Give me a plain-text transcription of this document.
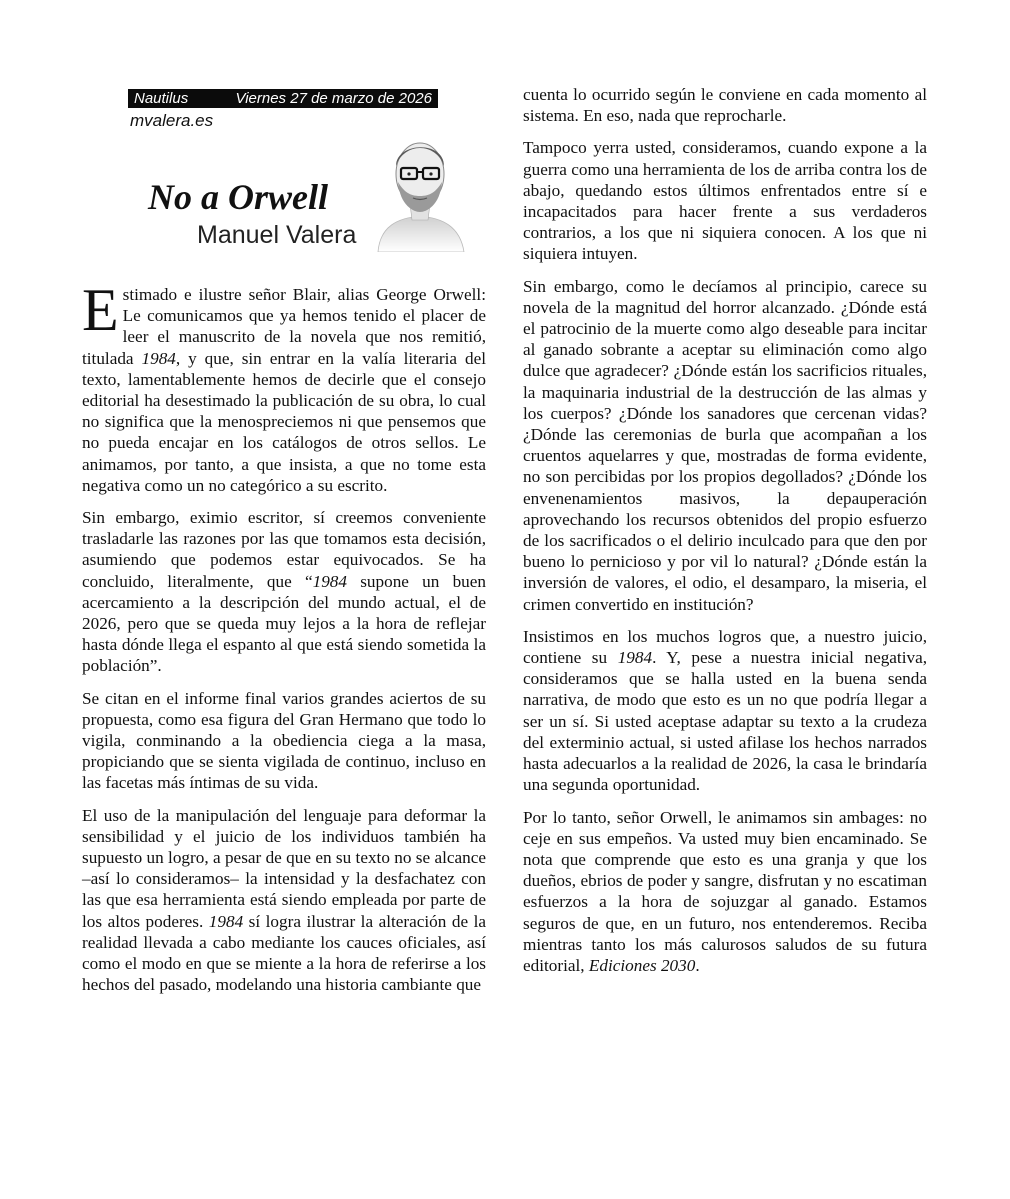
Nautilus	Viernes 27 de marzo de 2026
mvalera.es
No a Orwell
Manuel Valera

Estimado e ilustre señor Blair, alias George Orwell: Le comunicamos que ya hemos tenido el placer de leer el manuscrito de la novela que nos remitió, titulada 1984, y que, sin entrar en la valía literaria del texto, lamentablemente hemos de decirle que el consejo editorial ha desestimado la publicación de su obra, lo cual no significa que la menospreciemos ni que pensemos que no pueda encajar en los catálogos de otros sellos. Le animamos, por tanto, a que insista, a que no tome esta negativa como un no categórico a su escrito.

Sin embargo, eximio escritor, sí creemos conveniente trasladarle las razones por las que tomamos esta decisión, asumiendo que podemos estar equivocados. Se ha concluido, literalmente, que “1984 supone un buen acercamiento a la descripción del mundo actual, el de 2026, pero que se queda muy lejos a la hora de reflejar hasta dónde llega el espanto al que está siendo sometida la población”.

Se citan en el informe final varios grandes aciertos de su propuesta, como esa figura del Gran Hermano que todo lo vigila, conminando a la obediencia ciega a la masa, propiciando que se sienta vigilada de continuo, incluso en las facetas más íntimas de su vida.

El uso de la manipulación del lenguaje para deformar la sensibilidad y el juicio de los individuos también ha supuesto un logro, a pesar de que en su texto no se alcance –así lo consideramos– la intensidad y la desfachatez con las que esa herramienta está siendo empleada por parte de los altos poderes. 1984 sí logra ilustrar la alteración de la realidad llevada a cabo mediante los cauces oficiales, así como el modo en que se miente a la hora de referirse a los hechos del pasado, modelando una historia cambiante que

cuenta lo ocurrido según le conviene en cada momento al sistema. En eso, nada que reprocharle.

Tampoco yerra usted, consideramos, cuando expone a la guerra como una herramienta de los de arriba contra los de abajo, quedando estos últimos enfrentados entre sí e incapacitados para hacer frente a sus verdaderos contrarios, a los que ni siquiera conocen. A los que ni siquiera intuyen.

Sin embargo, como le decíamos al principio, carece su novela de la magnitud del horror alcanzado. ¿Dónde está el patrocinio de la muerte como algo deseable para incitar al ganado sobrante a aceptar su eliminación como algo dulce que agradecer? ¿Dónde están los sacrificios rituales, la maquinaria industrial de la destrucción de las almas y los cuerpos? ¿Dónde los sanadores que cercenan vidas? ¿Dónde las ceremonias de burla que acompañan a los cruentos aquelarres y que, mostradas de forma evidente, no son percibidas por los propios degollados? ¿Dónde los envenenamientos masivos, la depauperación aprovechando los recursos obtenidos del propio esfuerzo de los sacrificados o el delirio inculcado para que den por bueno lo pernicioso y por vil lo natural? ¿Dónde están la inversión de valores, el odio, el desamparo, la miseria, el crimen convertido en institución?

Insistimos en los muchos logros que, a nuestro juicio, contiene su 1984. Y, pese a nuestra inicial negativa, consideramos que se halla usted en la buena senda narrativa, de modo que esto es un no que podría llegar a ser un sí. Si usted aceptase adaptar su texto a la crudeza del exterminio actual, si usted afilase los hechos narrados hasta adecuarlos a la realidad de 2026, la casa le brindaría una segunda oportunidad.

Por lo tanto, señor Orwell, le animamos sin ambages: no ceje en sus empeños. Va usted muy bien encaminado. Se nota que comprende que esto es una granja y que los dueños, ebrios de poder y sangre, disfrutan y no escatiman esfuerzos a la hora de sojuzgar al ganado. Estamos seguros de que, en un futuro, nos entenderemos. Reciba mientras tanto los más calurosos saludos de su futura editorial, Ediciones 2030.
